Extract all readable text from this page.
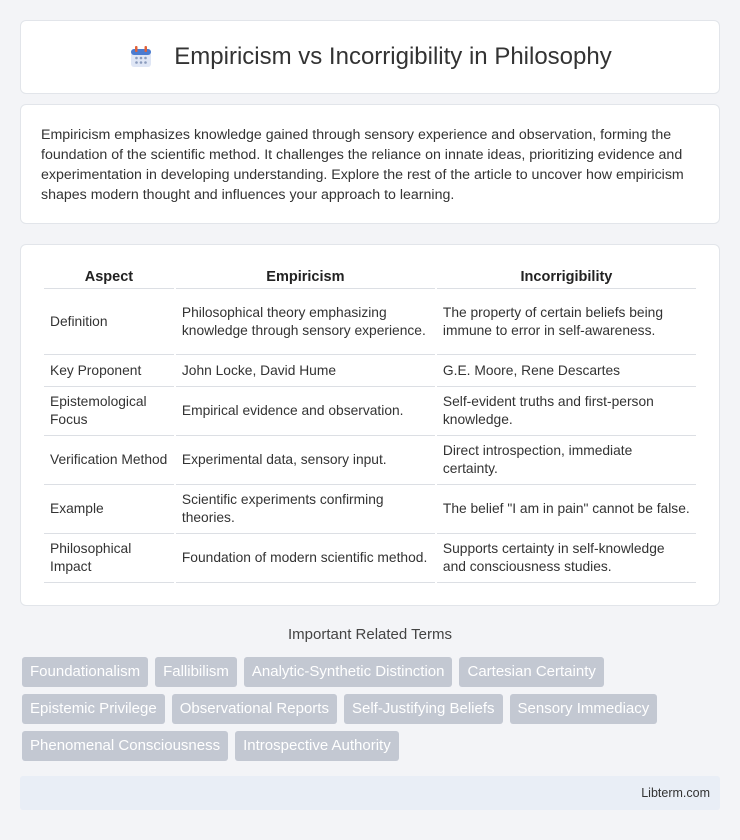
Empiricism vs Incorrigibility in Philosophy

Empiricism emphasizes knowledge gained through sensory experience and observation, forming the foundation of the scientific method. It challenges the reliance on innate ideas, prioritizing evidence and experimentation in developing understanding. Explore the rest of the article to uncover how empiricism shapes modern thought and influences your approach to learning.

Aspect	Empiricism	Incorrigibility
Definition	Philosophical theory emphasizing knowledge through sensory experience.	The property of certain beliefs being immune to error in self-awareness.
Key Proponent	John Locke, David Hume	G.E. Moore, Rene Descartes
Epistemological Focus	Empirical evidence and observation.	Self-evident truths and first-person knowledge.
Verification Method	Experimental data, sensory input.	Direct introspection, immediate certainty.
Example	Scientific experiments confirming theories.	The belief "I am in pain" cannot be false.
Philosophical Impact	Foundation of modern scientific method.	Supports certainty in self-knowledge and consciousness studies.
Important Related Terms
Foundationalism	Fallibilism	Analytic-Synthetic Distinction	Cartesian Certainty
Epistemic Privilege	Observational Reports	Self-Justifying Beliefs	Sensory Immediacy
Phenomenal Consciousness	Introspective Authority
Libterm.com
